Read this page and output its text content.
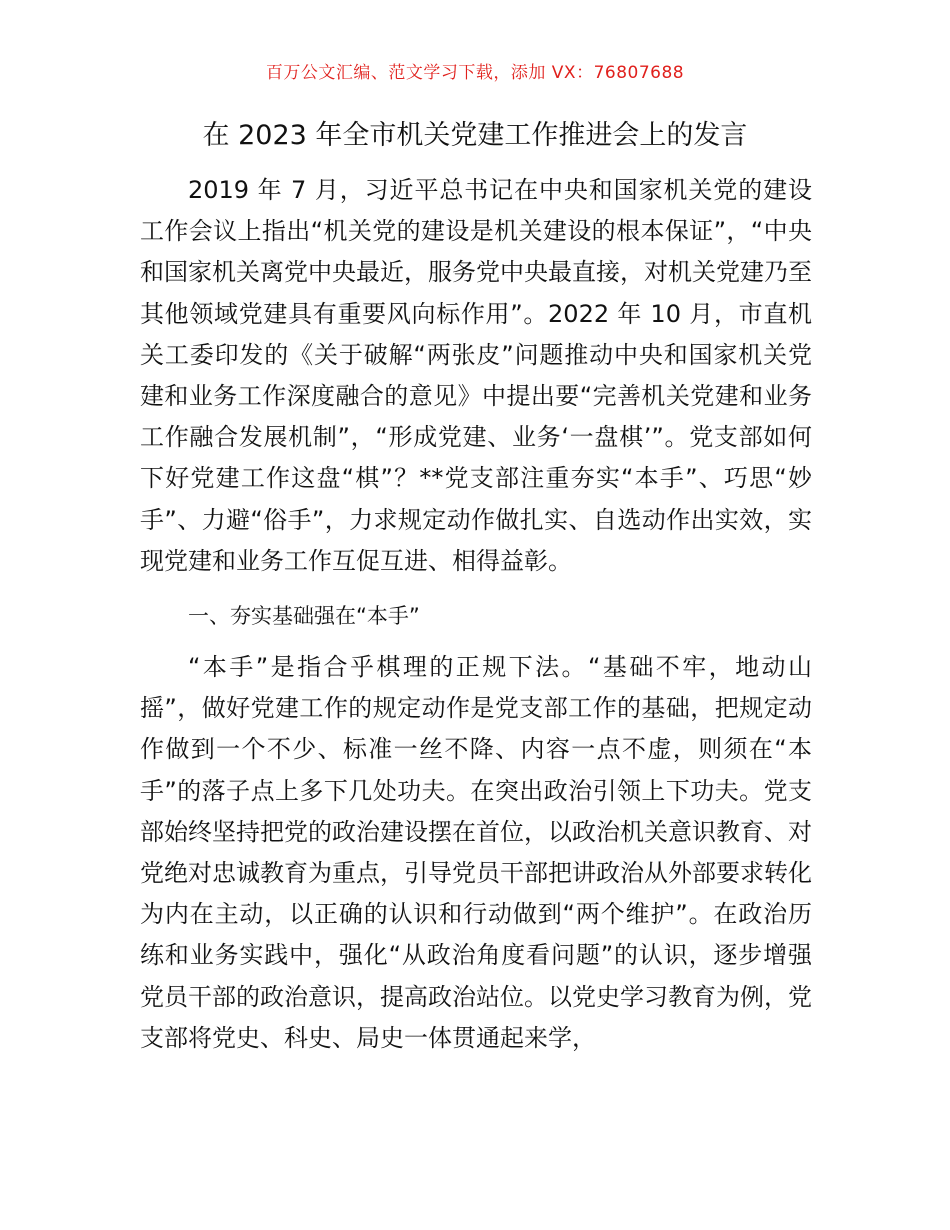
百万公文汇编、范文学习下载，添加 VX：76807688
在 2023 年全市机关党建工作推进会上的发言

2019 年 7 月，习近平总书记在中央和国家机关党的建设工作会议上指出“机关党的建设是机关建设的根本保证”，“中央和国家机关离党中央最近，服务党中央最直接，对机关党建乃至其他领域党建具有重要风向标作用”。2022 年 10 月，市直机关工委印发的《关于破解“两张皮”问题推动中央和国家机关党建和业务工作深度融合的意见》中提出要“完善机关党建和业务工作融合发展机制”，“形成党建、业务‘一盘棋’”。党支部如何下好党建工作这盘“棋”？**党支部注重夯实“本手”、巧思“妙手”、力避“俗手”，力求规定动作做扎实、自选动作出实效，实现党建和业务工作互促互进、相得益彰。

一、夯实基础强在“本手”

“本手”是指合乎棋理的正规下法。“基础不牢，地动山摇”，做好党建工作的规定动作是党支部工作的基础，把规定动作做到一个不少、标准一丝不降、内容一点不虚，则须在“本手”的落子点上多下几处功夫。在突出政治引领上下功夫。党支部始终坚持把党的政治建设摆在首位，以政治机关意识教育、对党绝对忠诚教育为重点，引导党员干部把讲政治从外部要求转化为内在主动，以正确的认识和行动做到“两个维护”。在政治历练和业务实践中，强化“从政治角度看问题”的认识，逐步增强党员干部的政治意识，提高政治站位。以党史学习教育为例，党支部将党史、科史、局史一体贯通起来学，
